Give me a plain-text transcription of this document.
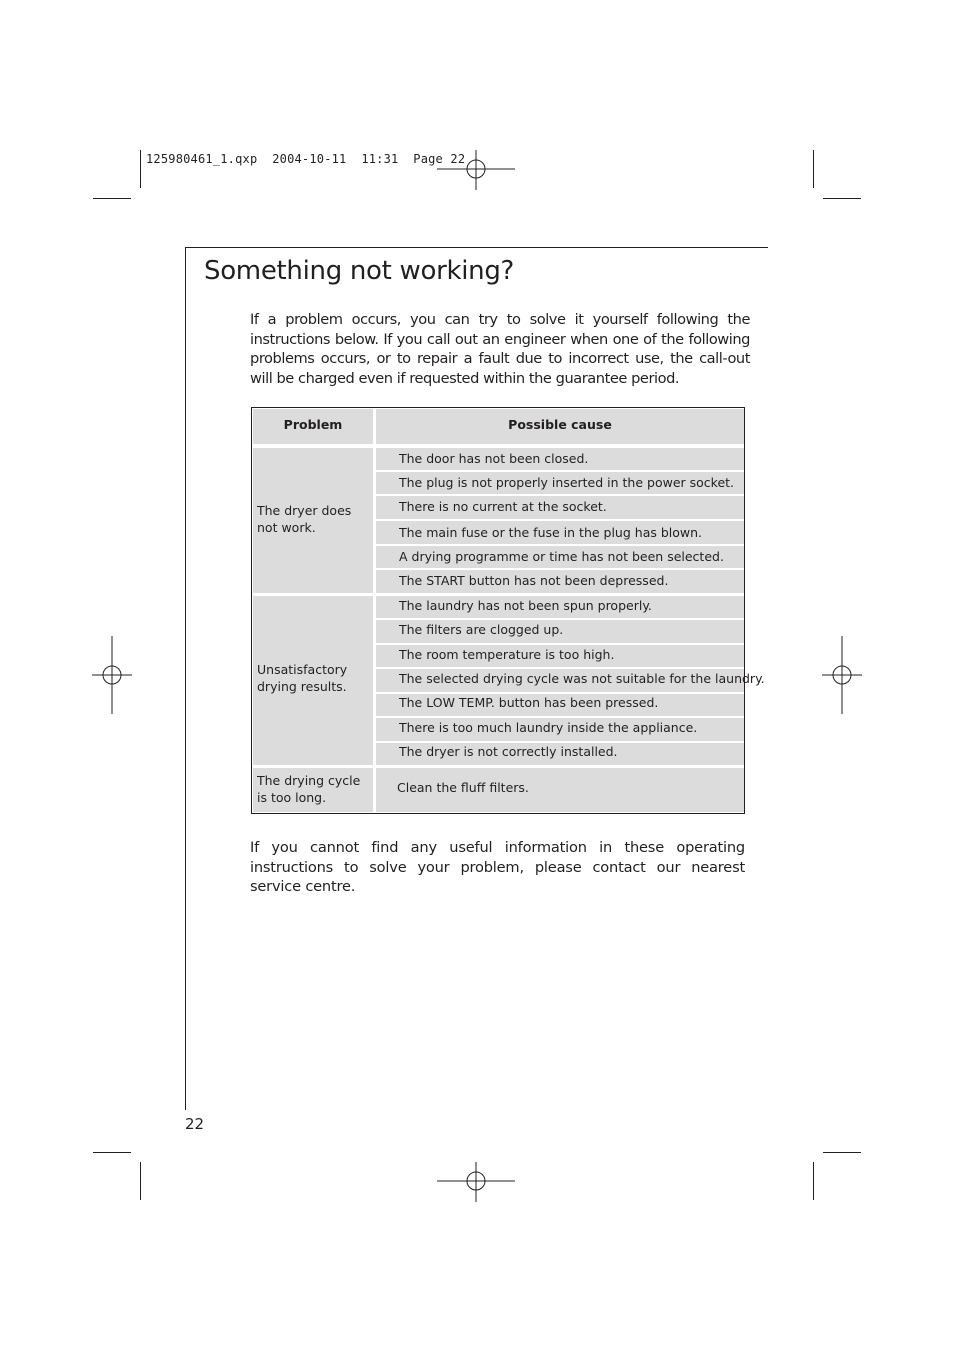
125980461_1.qxp  2004-10-11  11:31  Page 22
Something not working?

If a problem occurs, you can try to solve it yourself following the instructions below. If you call out an engineer when one of the following problems occurs, or to repair a fault due to incorrect use, the call-out will be charged even if requested within the guarantee period.

Problem	Possible cause
The dryer does not work.
The door has not been closed.
The plug is not properly inserted in the power socket.
There is no current at the socket.
The main fuse or the fuse in the plug has blown.
A drying programme or time has not been selected.
The START button has not been depressed.
Unsatisfactory drying results.
The laundry has not been spun properly.
The filters are clogged up.
The room temperature is too high.
The selected drying cycle was not suitable for the laundry.
The LOW TEMP. button has been pressed.
There is too much laundry inside the appliance.
The dryer is not correctly installed.
The drying cycle is too long.
Clean the fluff filters.

If you cannot find any useful information in these operating instructions to solve your problem, please contact our nearest service centre.

22
